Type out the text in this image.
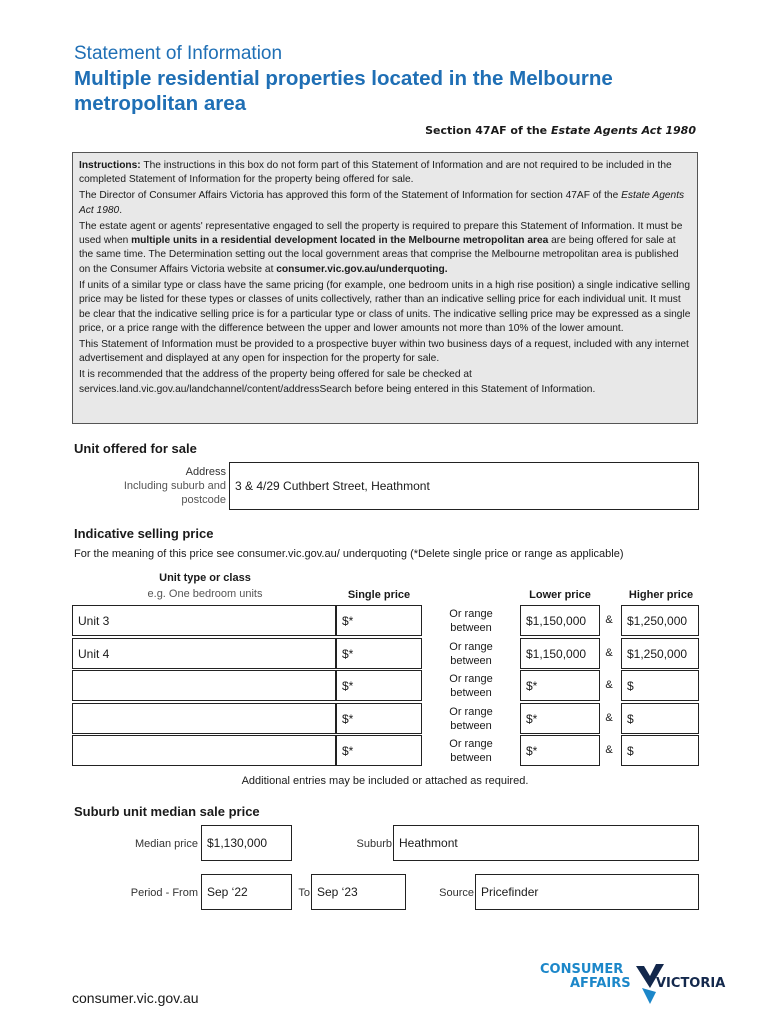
Statement of Information
Multiple residential properties located in the Melbourne metropolitan area
Section 47AF of the Estate Agents Act 1980

Instructions: The instructions in this box do not form part of this Statement of Information and are not required to be included in the completed Statement of Information for the property being offered for sale.

The Director of Consumer Affairs Victoria has approved this form of the Statement of Information for section 47AF of the Estate Agents Act 1980.

The estate agent or agents' representative engaged to sell the property is required to prepare this Statement of Information. It must be used when multiple units in a residential development located in the Melbourne metropolitan area are being offered for sale at the same time. The Determination setting out the local government areas that comprise the Melbourne metropolitan area is published on the Consumer Affairs Victoria website at consumer.vic.gov.au/underquoting.

If units of a similar type or class have the same pricing (for example, one bedroom units in a high rise position) a single indicative selling price may be listed for these types or classes of units collectively, rather than an indicative selling price for each individual unit. It must be clear that the indicative selling price is for a particular type or class of units. The indicative selling price may be expressed as a single price, or a price range with the difference between the upper and lower amounts not more than 10% of the lower amount.

This Statement of Information must be provided to a prospective buyer within two business days of a request, included with any internet advertisement and displayed at any open for inspection for the property for sale.

It is recommended that the address of the property being offered for sale be checked at services.land.vic.gov.au/landchannel/content/addressSearch before being entered in this Statement of Information.

Unit offered for sale
Address
Including suburb and
postcode
3 & 4/29 Cuthbert Street, Heathmont
Indicative selling price
For the meaning of this price see consumer.vic.gov.au/ underquoting (*Delete single price or range as applicable)
Unit type or class
e.g. One bedroom units	Single price	Lower price	Higher price
Unit 3	$*	Or range
between
$1,150,000 & $1,250,000
Unit 4	$*	Or range
between
$1,150,000 & $1,250,000
$*	Or range
between
$*	& $
$*	Or range
between
$*	& $
$*	Or range
between
$*	& $
Additional entries may be included or attached as required.
Suburb unit median sale price
Median price $1,130,000	Suburb Heathmont
Period - From Sep ‘22	To Sep ‘23	Source Pricefinder
CONSUMER
AFFAIRS VICTORIA
consumer.vic.gov.au
